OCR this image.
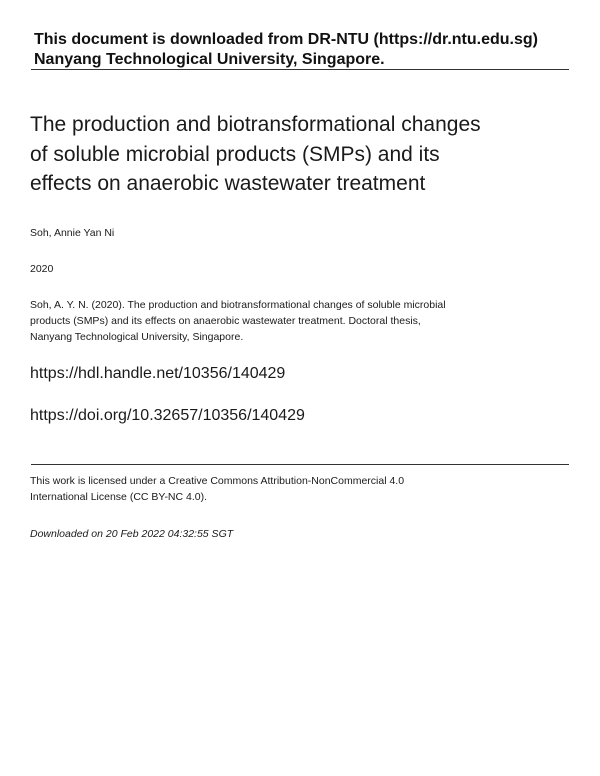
This document is downloaded from DR-NTU (https://dr.ntu.edu.sg)
Nanyang Technological University, Singapore.
The production and biotransformational changes
of soluble microbial products (SMPs) and its
effects on anaerobic wastewater treatment
Soh, Annie Yan Ni
2020
Soh, A. Y. N. (2020). The production and biotransformational changes of soluble microbial
products (SMPs) and its effects on anaerobic wastewater treatment. Doctoral thesis,
Nanyang Technological University, Singapore.
https://hdl.handle.net/10356/140429
https://doi.org/10.32657/10356/140429
This work is licensed under a Creative Commons Attribution-NonCommercial 4.0
International License (CC BY-NC 4.0).
Downloaded on 20 Feb 2022 04:32:55 SGT
